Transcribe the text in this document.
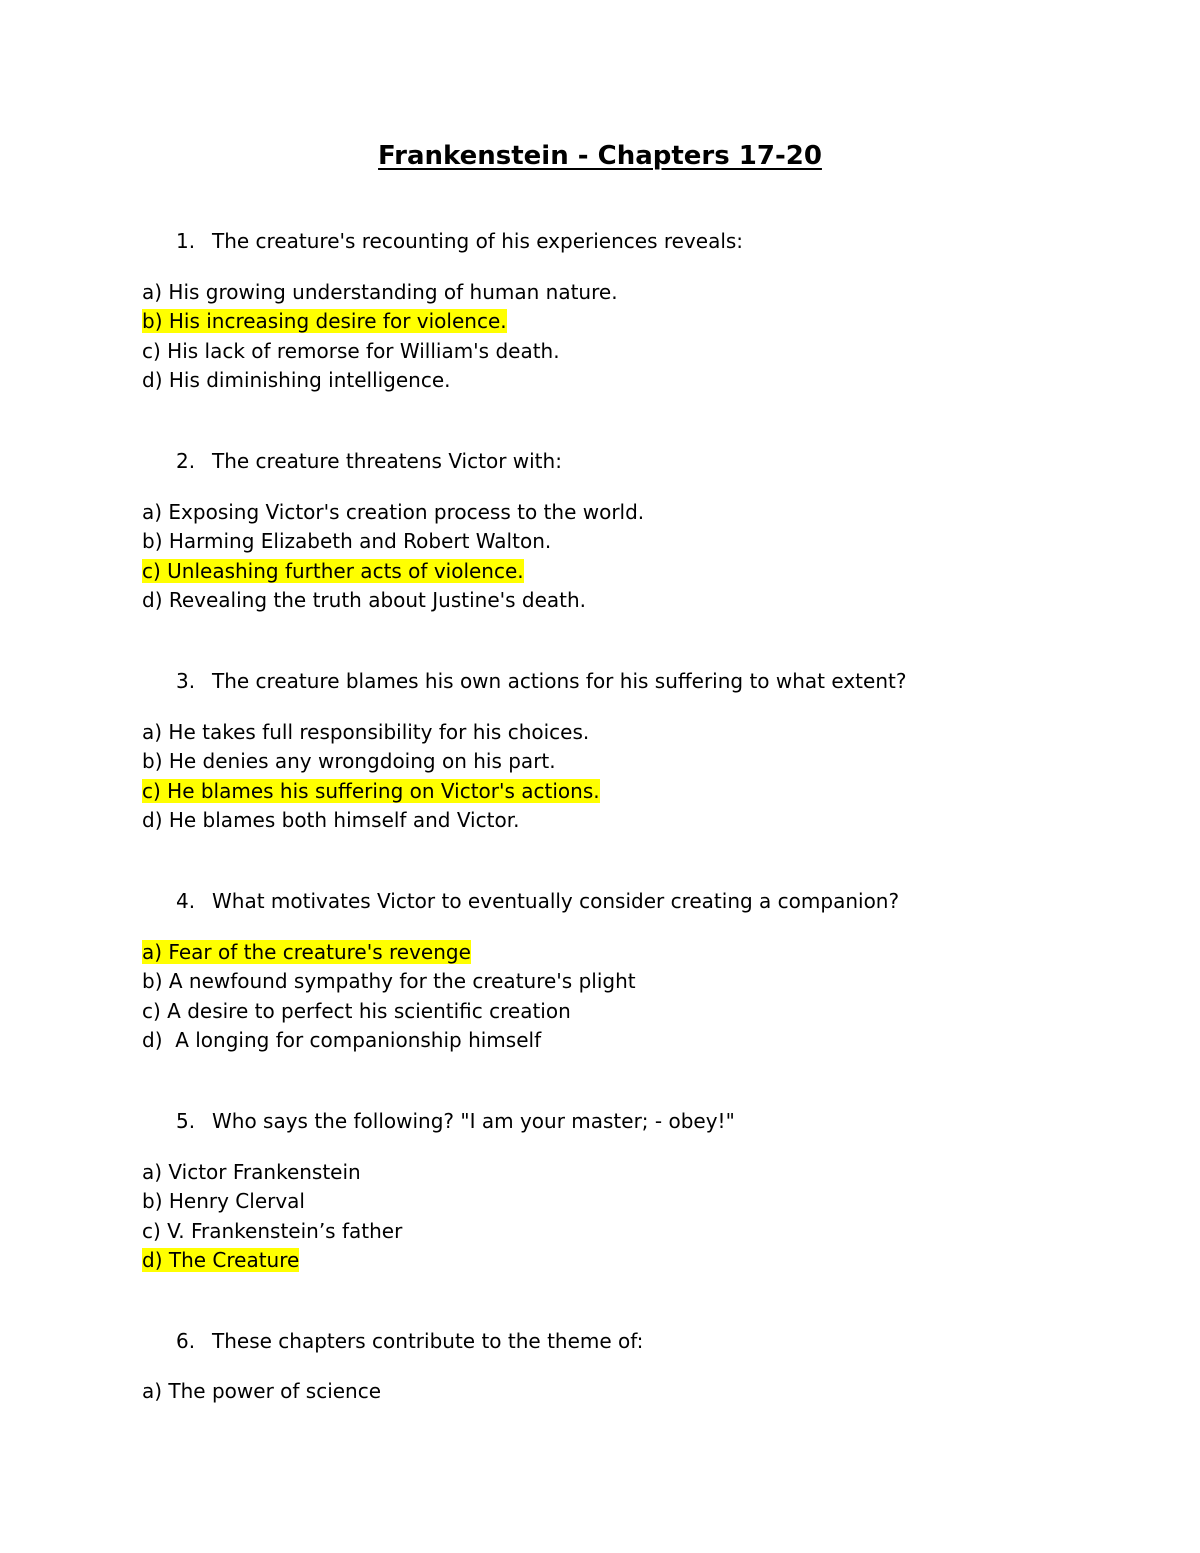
Frankenstein - Chapters 17-20
1. The creature's recounting of his experiences reveals:
a) His growing understanding of human nature.
b) His increasing desire for violence.
c) His lack of remorse for William's death.
d) His diminishing intelligence.
2. The creature threatens Victor with:
a) Exposing Victor's creation process to the world.
b) Harming Elizabeth and Robert Walton.
c) Unleashing further acts of violence.
d) Revealing the truth about Justine's death.
3. The creature blames his own actions for his suffering to what extent?
a) He takes full responsibility for his choices.
b) He denies any wrongdoing on his part.
c) He blames his suffering on Victor's actions.
d) He blames both himself and Victor.
4. What motivates Victor to eventually consider creating a companion?
a) Fear of the creature's revenge
b) A newfound sympathy for the creature's plight
c) A desire to perfect his scientific creation
d)  A longing for companionship himself
5. Who says the following? "I am your master; - obey!"
a) Victor Frankenstein
b) Henry Clerval
c) V. Frankenstein’s father
d) The Creature
6. These chapters contribute to the theme of:
a) The power of science
